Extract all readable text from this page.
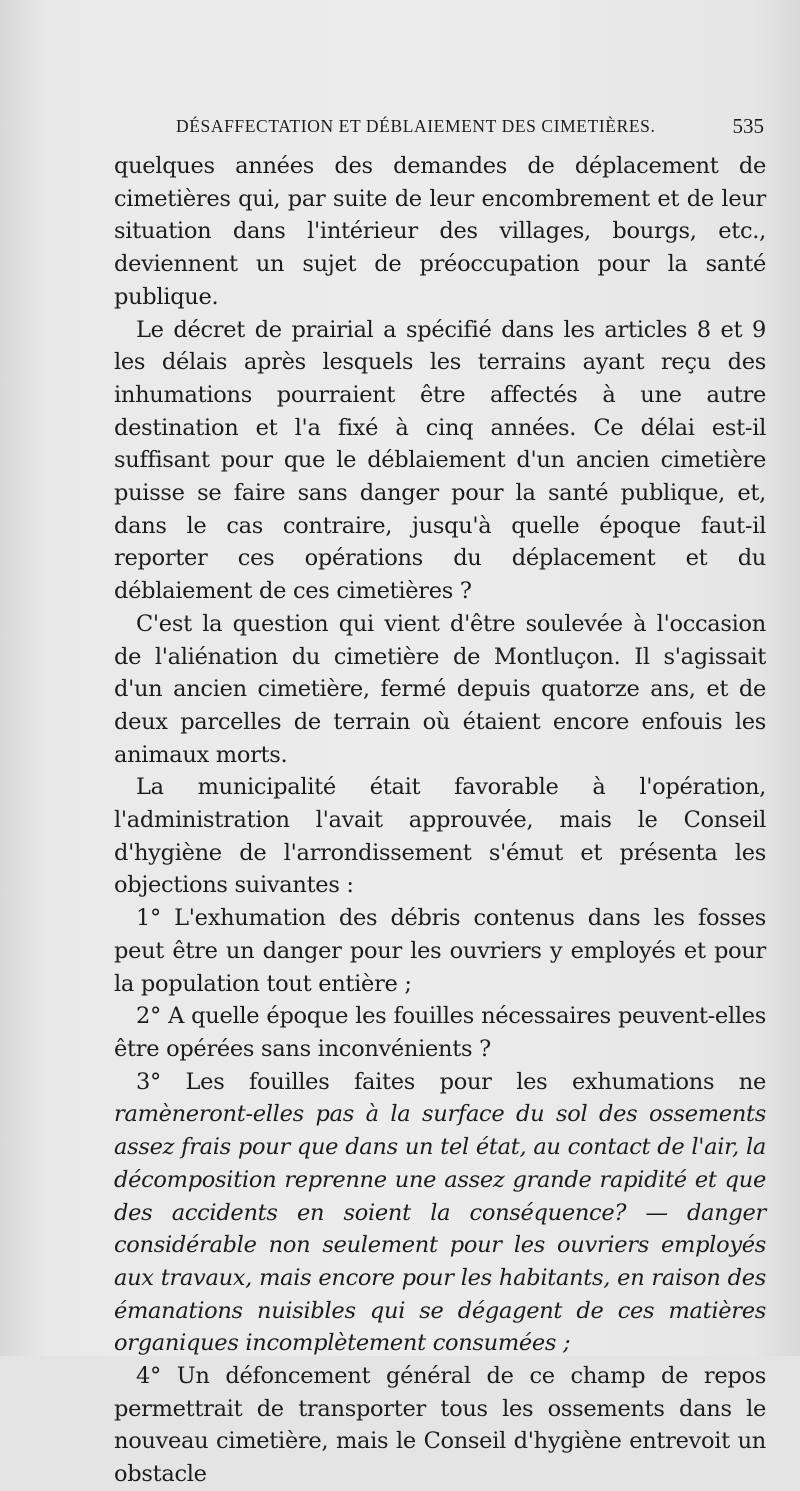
DÉSAFFECTATION ET DÉBLAIEMENT DES CIMETIÈRES.	535

quelques années des demandes de déplacement de cimetières qui, par suite de leur encombrement et de leur situation dans l'intérieur des villages, bourgs, etc., deviennent un sujet de préoccupation pour la santé publique.

Le décret de prairial a spécifié dans les articles 8 et 9 les délais après lesquels les terrains ayant reçu des inhumations pourraient être affectés à une autre destination et l'a fixé à cinq années. Ce délai est-il suffisant pour que le déblaiement d'un ancien cimetière puisse se faire sans danger pour la santé publique, et, dans le cas contraire, jusqu'à quelle époque faut-il reporter ces opérations du déplacement et du déblaiement de ces cimetières ?

C'est la question qui vient d'être soulevée à l'occasion de l'aliénation du cimetière de Montluçon. Il s'agissait d'un ancien cimetière, fermé depuis quatorze ans, et de deux parcelles de terrain où étaient encore enfouis les animaux morts.

La municipalité était favorable à l'opération, l'administration l'avait approuvée, mais le Conseil d'hygiène de l'arrondissement s'émut et présenta les objections suivantes :

1° L'exhumation des débris contenus dans les fosses peut être un danger pour les ouvriers y employés et pour la population tout entière ;

2° A quelle époque les fouilles nécessaires peuvent-elles être opérées sans inconvénients ?

3° Les fouilles faites pour les exhumations ne ramèneront-elles pas à la surface du sol des ossements assez frais pour que dans un tel état, au contact de l'air, la décomposition reprenne une assez grande rapidité et que des accidents en soient la conséquence? — danger considérable non seulement pour les ouvriers employés aux travaux, mais encore pour les habitants, en raison des émanations nuisibles qui se dégagent de ces matières organiques incomplètement consumées ;

4° Un défoncement général de ce champ de repos permettrait de transporter tous les ossements dans le nouveau cimetière, mais le Conseil d'hygiène entrevoit un obstacle
